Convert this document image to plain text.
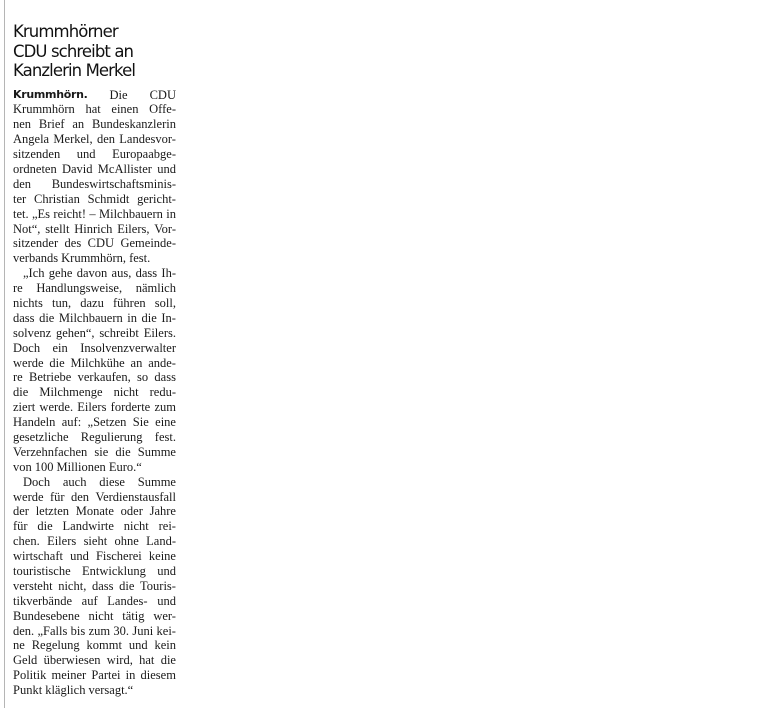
Krummhörner
CDU schreibt an
Kanzlerin Merkel
Krummhörn. Die CDU
Krummhörn hat einen Offe-
nen Brief an Bundeskanzlerin
Angela Merkel, den Landesvor-
sitzenden und Europaabge-
ordneten David McAllister und
den Bundeswirtschaftsminis-
ter Christian Schmidt gericht-
tet. „Es reicht! – Milchbauern in
Not“, stellt Hinrich Eilers, Vor-
sitzender des CDU Gemeinde-
verbands Krummhörn, fest.
„Ich gehe davon aus, dass Ih-
re Handlungsweise, nämlich
nichts tun, dazu führen soll,
dass die Milchbauern in die In-
solvenz gehen“, schreibt Eilers.
Doch ein Insolvenzverwalter
werde die Milchkühe an ande-
re Betriebe verkaufen, so dass
die Milchmenge nicht redu-
ziert werde. Eilers forderte zum
Handeln auf: „Setzen Sie eine
gesetzliche Regulierung fest.
Verzehnfachen sie die Summe
von 100 Millionen Euro.“
Doch auch diese Summe
werde für den Verdienstausfall
der letzten Monate oder Jahre
für die Landwirte nicht rei-
chen. Eilers sieht ohne Land-
wirtschaft und Fischerei keine
touristische Entwicklung und
versteht nicht, dass die Touris-
tikverbände auf Landes- und
Bundesebene nicht tätig wer-
den. „Falls bis zum 30. Juni kei-
ne Regelung kommt und kein
Geld überwiesen wird, hat die
Politik meiner Partei in diesem
Punkt kläglich versagt.“
